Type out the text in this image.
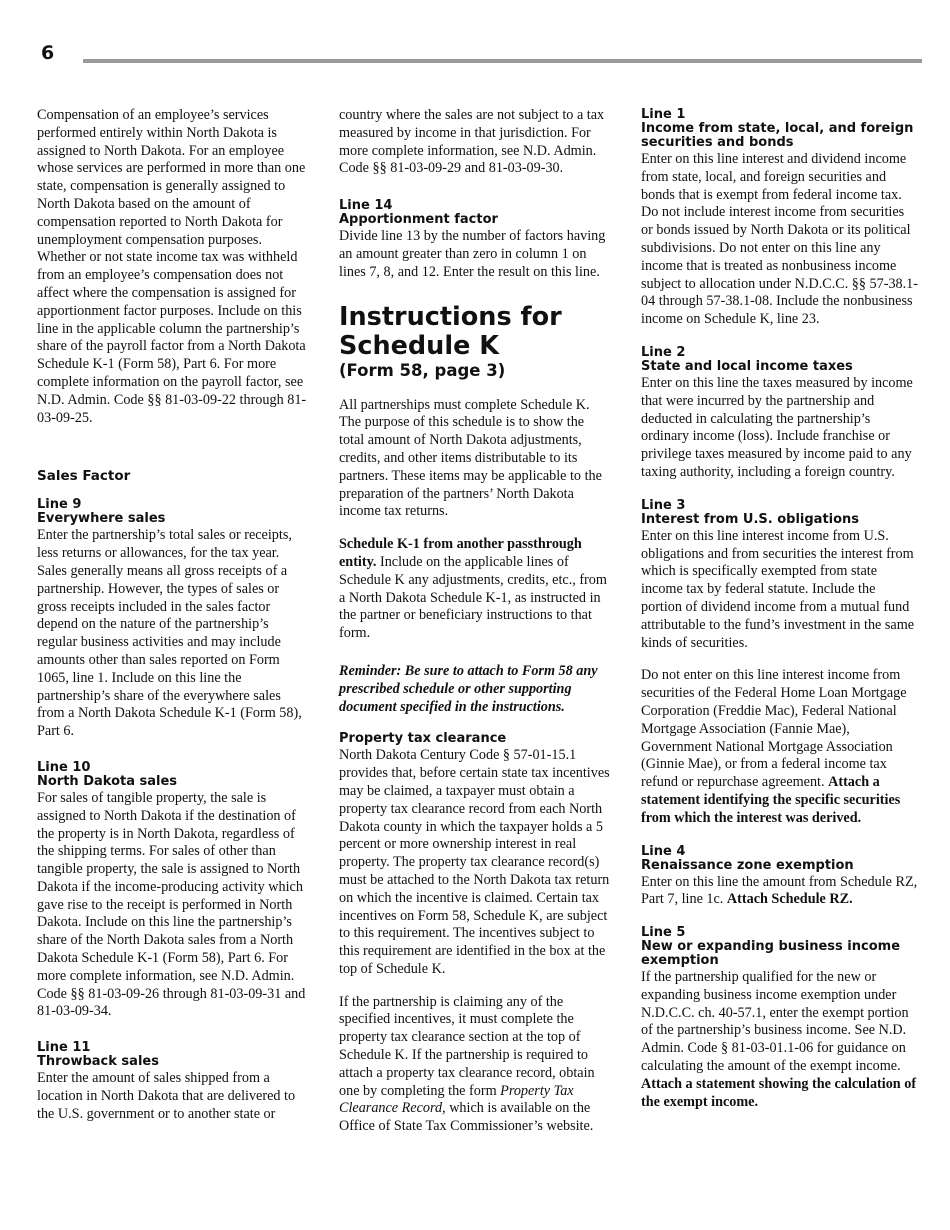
6

Compensation of an employee’s services performed entirely within North Dakota is assigned to North Dakota. For an employee whose services are performed in more than one state, compensation is generally assigned to North Dakota based on the amount of compensation reported to North Dakota for unemployment compensation purposes. Whether or not state income tax was withheld from an employee’s compensation does not affect where the compensation is assigned for apportionment factor purposes. Include on this line in the applicable column the partnership’s share of the payroll factor from a North Dakota Schedule K-1 (Form 58), Part 6. For more complete information on the payroll factor, see N.D. Admin. Code §§ 81-03-09-22 through 81-03-09-25.

Sales Factor
Line 9
Everywhere sales
Enter the partnership’s total sales or receipts, less returns or allowances, for the tax year. Sales generally means all gross receipts of a partnership. However, the types of sales or gross receipts included in the sales factor depend on the nature of the partnership’s regular business activities and may include amounts other than sales reported on Form 1065, line 1. Include on this line the partnership’s share of the everywhere sales from a North Dakota Schedule K-1 (Form 58), Part 6.
Line 10
North Dakota sales
For sales of tangible property, the sale is assigned to North Dakota if the destination of the property is in North Dakota, regardless of the shipping terms. For sales of other than tangible property, the sale is assigned to North Dakota if the income-producing activity which gave rise to the receipt is performed in North Dakota. Include on this line the partnership’s share of the North Dakota sales from a North Dakota Schedule K-1 (Form 58), Part 6. For more complete information, see N.D. Admin. Code §§ 81-03-09-26 through 81-03-09-31 and 81-03-09-34.
Line 11
Throwback sales
Enter the amount of sales shipped from a location in North Dakota that are delivered to the U.S. government or to another state or

country where the sales are not subject to a tax measured by income in that jurisdiction. For more complete information, see N.D. Admin. Code §§ 81-03-09-29 and 81-03-09-30.

Line 14
Apportionment factor
Divide line 13 by the number of factors having an amount greater than zero in column 1 on lines 7, 8, and 12. Enter the result on this line.
Instructions for
Schedule K
(Form 58, page 3)

All partnerships must complete Schedule K. The purpose of this schedule is to show the total amount of North Dakota adjustments, credits, and other items distributable to its partners. These items may be applicable to the preparation of the partners’ North Dakota income tax returns.

Schedule K-1 from another passthrough entity. Include on the applicable lines of Schedule K any adjustments, credits, etc., from a North Dakota Schedule K-1, as instructed in the partner or beneficiary instructions to that form.

Reminder: Be sure to attach to Form 58 any prescribed schedule or other supporting document specified in the instructions.

Property tax clearance

North Dakota Century Code § 57-01-15.1 provides that, before certain state tax incentives may be claimed, a taxpayer must obtain a property tax clearance record from each North Dakota county in which the taxpayer holds a 5 percent or more ownership interest in real property. The property tax clearance record(s) must be attached to the North Dakota tax return on which the incentive is claimed. Certain tax incentives on Form 58, Schedule K, are subject to this requirement. The incentives subject to this requirement are identified in the box at the top of Schedule K.

If the partnership is claiming any of the specified incentives, it must complete the property tax clearance section at the top of Schedule K. If the partnership is required to attach a property tax clearance record, obtain one by completing the form Property Tax Clearance Record, which is available on the Office of State Tax Commissioner’s website.

Line 1
Income from state, local, and foreign securities and bonds
Enter on this line interest and dividend income from state, local, and foreign securities and bonds that is exempt from federal income tax. Do not include interest income from securities or bonds issued by North Dakota or its political subdivisions. Do not enter on this line any income that is treated as nonbusiness income subject to allocation under N.D.C.C. §§ 57-38.1-04 through 57-38.1-08. Include the nonbusiness income on Schedule K, line 23.
Line 2
State and local income taxes
Enter on this line the taxes measured by income that were incurred by the partnership and deducted in calculating the partnership’s ordinary income (loss). Include franchise or privilege taxes measured by income paid to any taxing authority, including a foreign country.
Line 3
Interest from U.S. obligations

Enter on this line interest income from U.S. obligations and from securities the interest from which is specifically exempted from state income tax by federal statute. Include the portion of dividend income from a mutual fund attributable to the fund’s investment in the same kinds of securities.

Do not enter on this line interest income from securities of the Federal Home Loan Mortgage Corporation (Freddie Mac), Federal National Mortgage Association (Fannie Mae), Government National Mortgage Association (Ginnie Mae), or from a federal income tax refund or repurchase agreement. Attach a statement identifying the specific securities from which the interest was derived.
Line 4
Renaissance zone exemption
Enter on this line the amount from Schedule RZ, Part 7, line 1c. Attach Schedule RZ.
Line 5
New or expanding business income exemption
If the partnership qualified for the new or expanding business income exemption under N.D.C.C. ch. 40-57.1, enter the exempt portion of the partnership’s business income. See N.D. Admin. Code § 81-03-01.1-06 for guidance on calculating the amount of the exempt income. Attach a statement showing the calculation of the exempt income.
